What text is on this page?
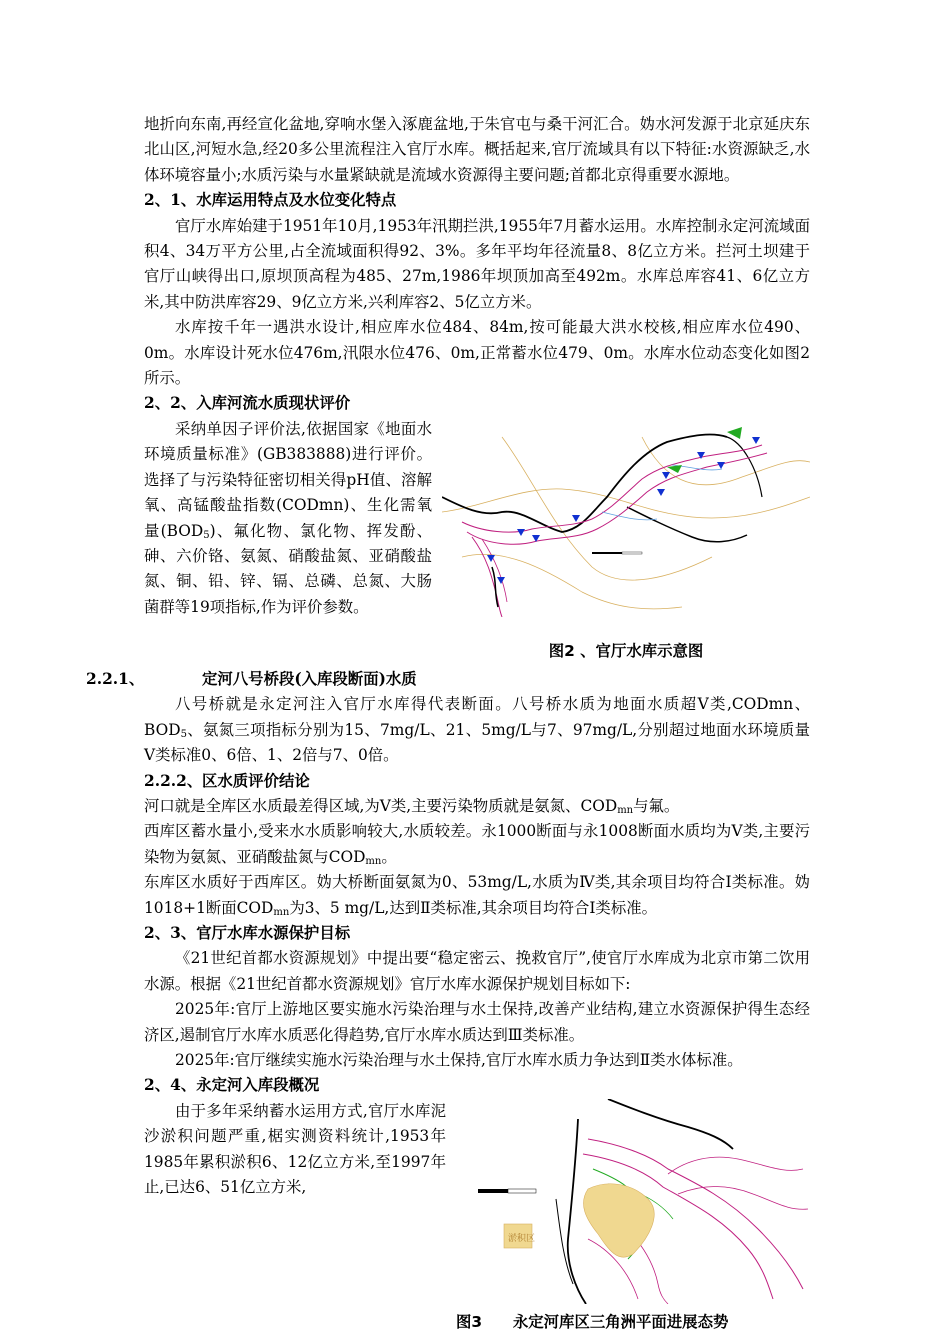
地折向东南,再经宣化盆地,穿响水堡入涿鹿盆地,于朱官屯与桑干河汇合。妫水河发源于北京延庆东北山区,河短水急,经20多公里流程注入官厅水库。概括起来,官厅流域具有以下特征:水资源缺乏,水体环境容量小;水质污染与水量紧缺就是流域水资源得主要问题;首都北京得重要水源地。

2、1、水库运用特点及水位变化特点

官厅水库始建于1951年10月,1953年汛期拦洪,1955年7月蓄水运用。水库控制永定河流域面积4、34万平方公里,占全流域面积得92、3%。多年平均年径流量8、8亿立方米。拦河土坝建于官厅山峡得出口,原坝顶高程为485、27m,1986年坝顶加高至492m。水库总库容41、6亿立方米,其中防洪库容29、9亿立方米,兴利库容2、5亿立方米。

水库按千年一遇洪水设计,相应库水位484、84m,按可能最大洪水校核,相应库水位490、0m。水库设计死水位476m,汛限水位476、0m,正常蓄水位479、0m。水库水位动态变化如图2所示。

2、2、入库河流水质现状评价
图2 、官厅水库示意图

采纳单因子评价法,依据国家《地面水环境质量标准》(GB383888)进行评价。选择了与污染特征密切相关得pH值、溶解氧、高锰酸盐指数(CODmn)、生化需氧量$(BOD_5)$、氟化物、氯化物、挥发酚、砷、六价铬、氨氮、硝酸盐氮、亚硝酸盐氮、铜、铅、锌、镉、总磷、总氮、大肠菌群等19项指标,作为评价参数。

2.2.1、	定河八号桥段(入库段断面)水质

八号桥就是永定河注入官厅水库得代表断面。八号桥水质为地面水质超Ⅴ类,CODmn、$BOD_5$、氨氮三项指标分别为15、7mg/L、21、5mg/L与7、97mg/L,分别超过地面水环境质量Ⅴ类标准0、6倍、1、2倍与7、0倍。

2.2.2、区水质评价结论

河口就是全库区水质最差得区域,为Ⅴ类,主要污染物质就是氨氮、$COD_{mn}$与氟。

西库区蓄水量小,受来水水质影响较大,水质较差。永1000断面与永1008断面水质均为Ⅴ类,主要污染物为氨氮、亚硝酸盐氮与$COD_{mn}$。

东库区水质好于西库区。妫大桥断面氨氮为0、53mg/L,水质为Ⅳ类,其余项目均符合Ⅰ类标准。妫1018+1断面$COD_{mn}$为3、5 mg/L,达到Ⅱ类标准,其余项目均符合Ⅰ类标准。

2、3、官厅水库水源保护目标

《21世纪首都水资源规划》中提出要“稳定密云、挽救官厅”,使官厅水库成为北京市第二饮用水源。根据《21世纪首都水资源规划》官厅水库水源保护规划目标如下:

2025年:官厅上游地区要实施水污染治理与水土保持,改善产业结构,建立水资源保护得生态经济区,遏制官厅水库水质恶化得趋势,官厅水库水质达到Ⅲ类标准。

2025年:官厅继续实施水污染治理与水土保持,官厅水库水质力争达到Ⅱ类水体标准。

2、4、永定河入库段概况
淤积区

由于多年采纳蓄水运用方式,官厅水库泥沙淤积问题严重,椐实测资料统计,1953年1985年累积淤积6、12亿立方米,至1997年止,已达6、51亿立方米,

图3　　永定河库区三角洲平面进展态势
